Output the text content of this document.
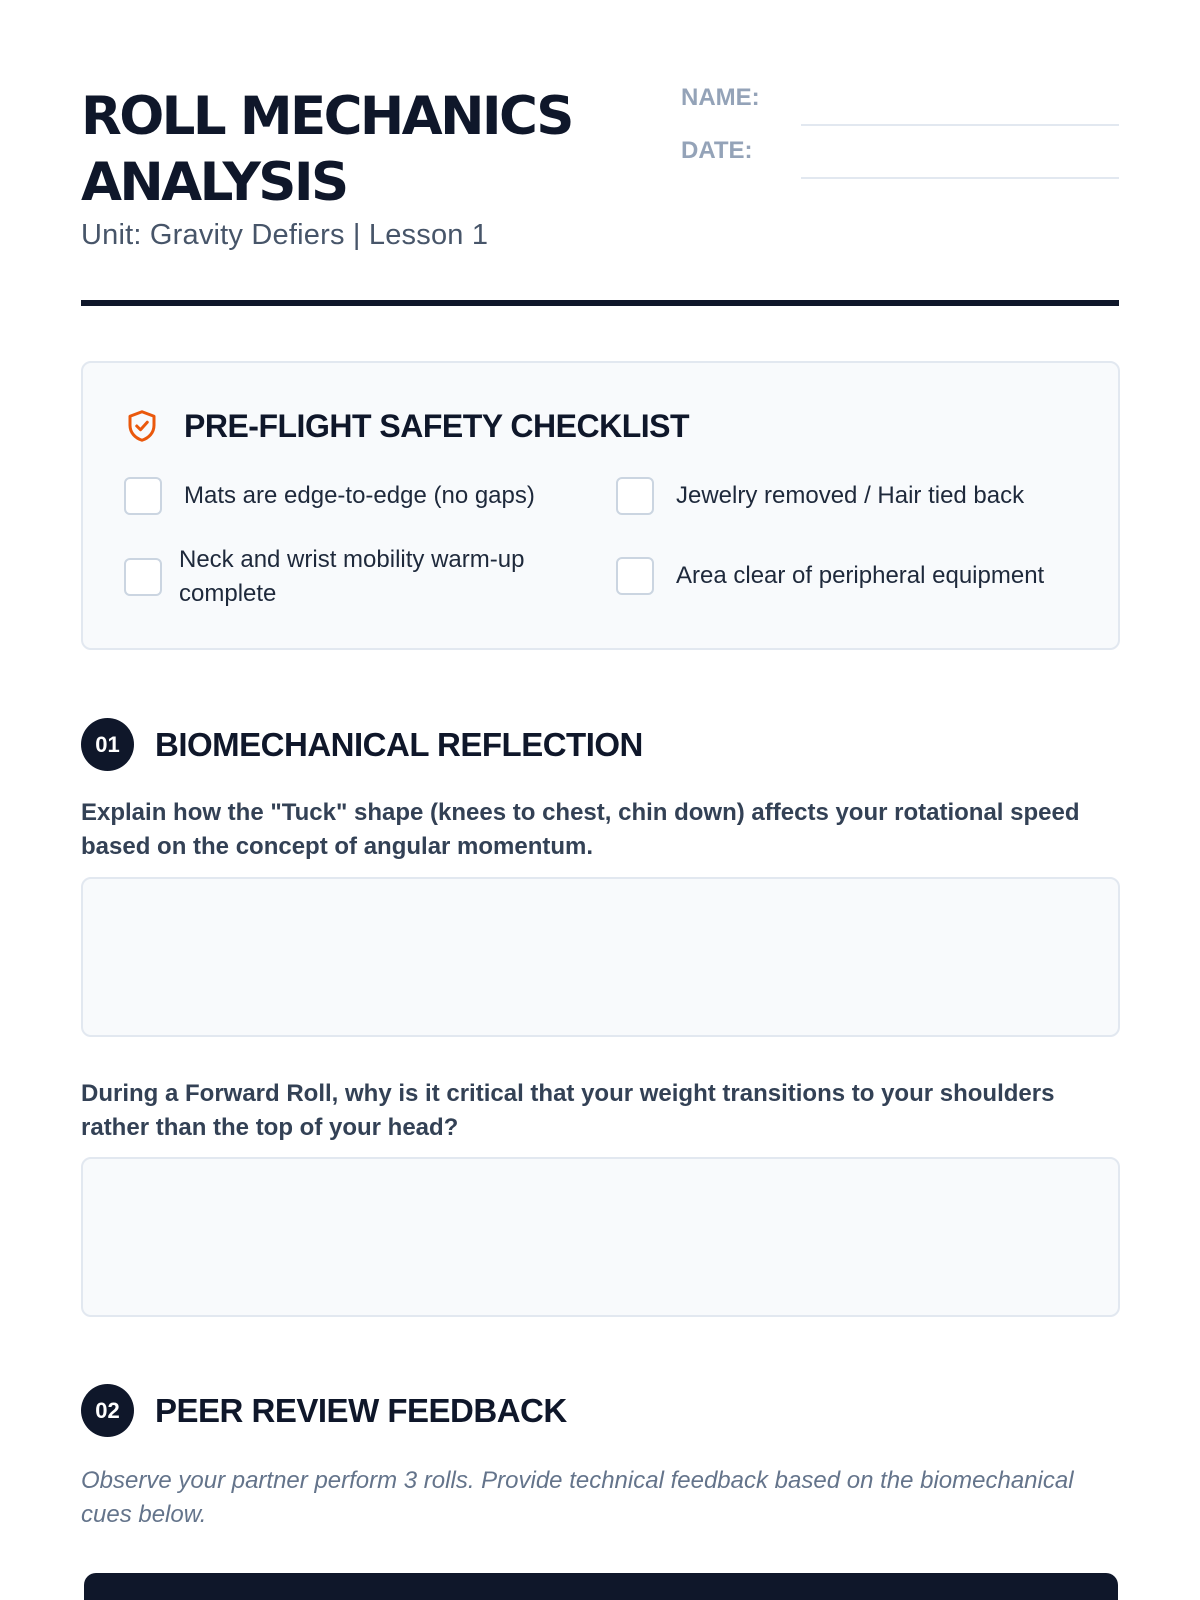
ROLL MECHANICS
ANALYSIS
Unit: Gravity Defiers | Lesson 1
NAME:
DATE:
PRE-FLIGHT SAFETY CHECKLIST
Mats are edge-to-edge (no gaps)	Jewelry removed / Hair tied back
Neck and wrist mobility warm-up complete
Area clear of peripheral equipment
01	BIOMECHANICAL REFLECTION
Explain how the "Tuck" shape (knees to chest, chin down) affects your rotational speed based on the concept of angular momentum.
During a Forward Roll, why is it critical that your weight transitions to your shoulders rather than the top of your head?
02	PEER REVIEW FEEDBACK
Observe your partner perform 3 rolls. Provide technical feedback based on the biomechanical cues below.
